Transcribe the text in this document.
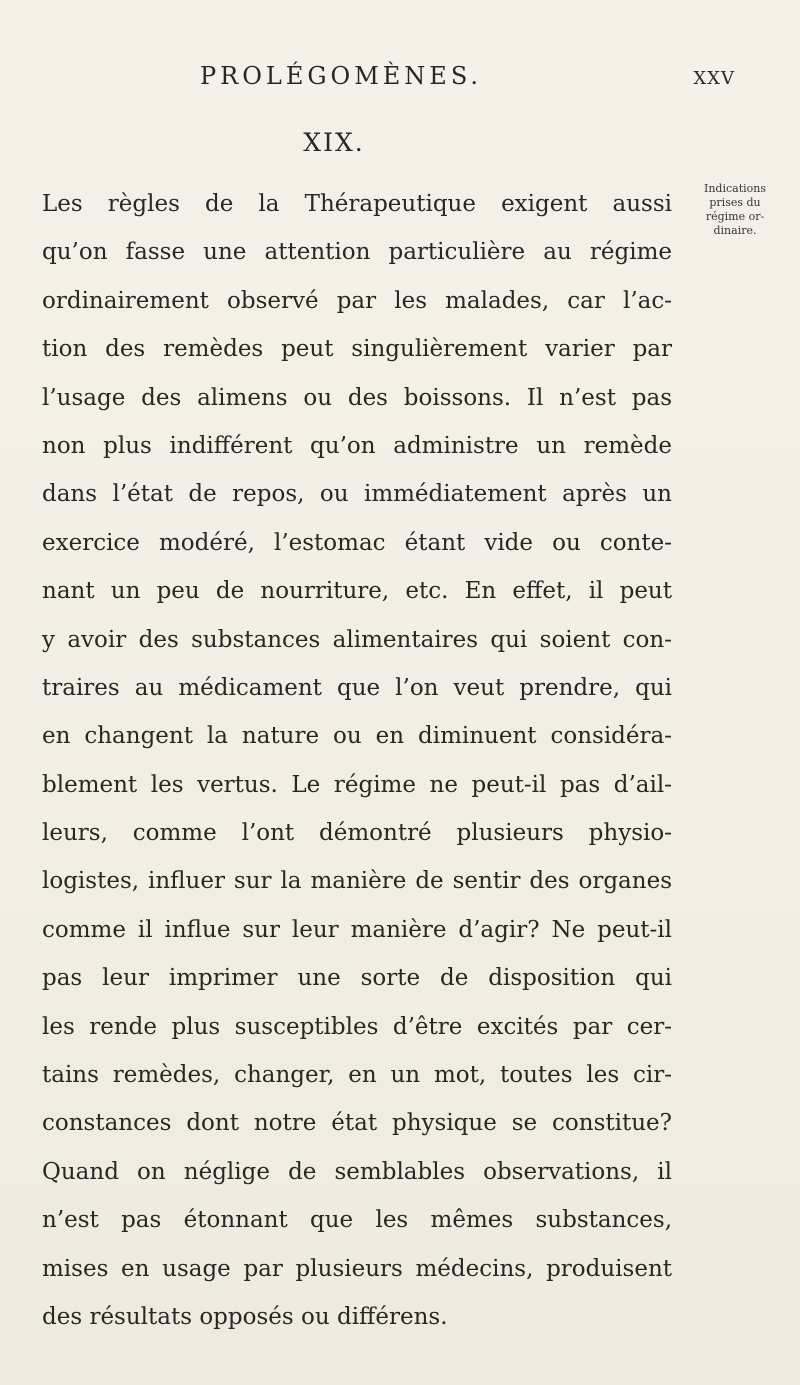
PROLÉGOMÈNES.	XXV
XIX.
Indications
prises du
régime or-
dinaire.
Les règles de la Thérapeutique exigent aussi
qu’on fasse une attention particulière au régime
ordinairement observé par les malades, car l’ac-
tion des remèdes peut singulièrement varier par
l’usage des alimens ou des boissons. Il n’est pas
non plus indifférent qu’on administre un remède
dans l’état de repos, ou immédiatement après un
exercice modéré, l’estomac étant vide ou conte-
nant un peu de nourriture, etc. En effet, il peut
y avoir des substances alimentaires qui soient con-
traires au médicament que l’on veut prendre, qui
en changent la nature ou en diminuent considéra-
blement les vertus. Le régime ne peut-il pas d’ail-
leurs, comme l’ont démontré plusieurs physio-
logistes, influer sur la manière de sentir des organes
comme il influe sur leur manière d’agir? Ne peut-il
pas leur imprimer une sorte de disposition qui
les rende plus susceptibles d’être excités par cer-
tains remèdes, changer, en un mot, toutes les cir-
constances dont notre état physique se constitue?
Quand on néglige de semblables observations, il
n’est pas étonnant que les mêmes substances,
mises en usage par plusieurs médecins, produisent
des résultats opposés ou différens.
